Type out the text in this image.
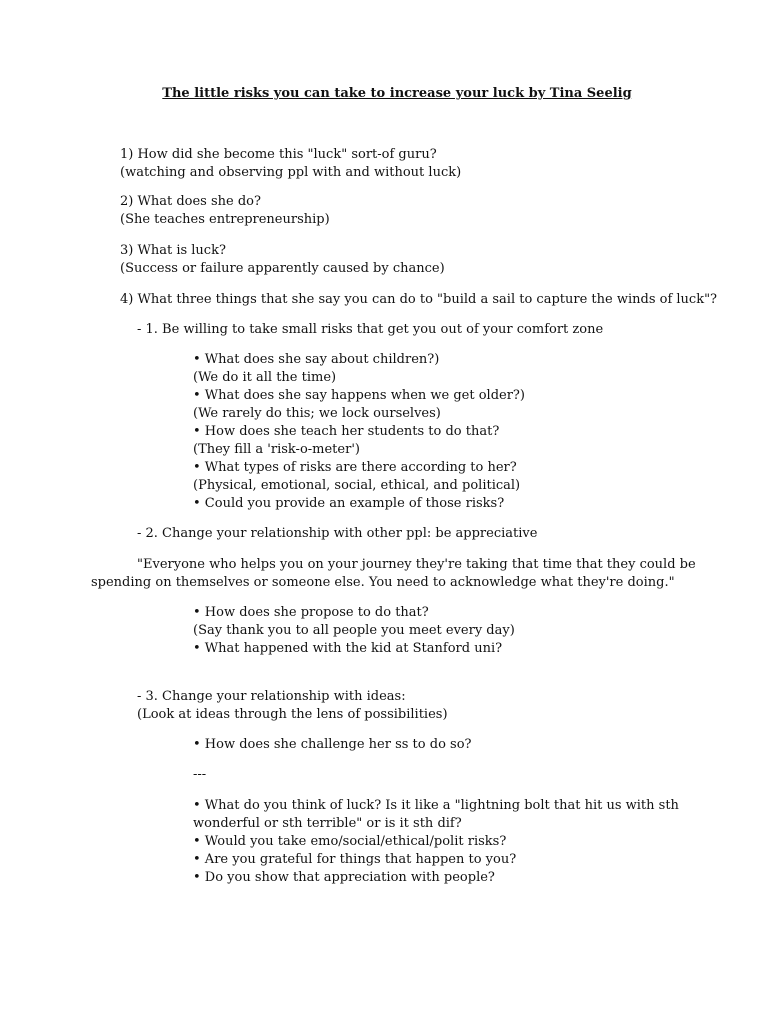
The little risks you can take to increase your luck by Tina Seelig
1) How did she become this "luck" sort-of guru?
(watching and observing ppl with and without luck)
2) What does she do?
(She teaches entrepreneurship)
3) What is luck?
(Success or failure apparently caused by chance)
4) What three things that she say you can do to "build a sail to capture the winds of luck"?
- 1. Be willing to take small risks that get you out of your comfort zone
• What does she say about children?)
(We do it all the time)
• What does she say happens when we get older?)
(We rarely do this; we lock ourselves)
• How does she teach her students to do that?
(They fill a 'risk-o-meter')
• What types of risks are there according to her?
(Physical, emotional, social, ethical, and political)
• Could you provide an example of those risks?
- 2. Change your relationship with other ppl: be appreciative
"Everyone who helps you on your journey they're taking that time that they could be
spending on themselves or someone else. You need to acknowledge what they're doing."
• How does she propose to do that?
(Say thank you to all people you meet every day)
• What happened with the kid at Stanford uni?
- 3. Change your relationship with ideas:
(Look at ideas through the lens of possibilities)
• How does she challenge her ss to do so?
---
• What do you think of luck? Is it like a "lightning bolt that hit us with sth
wonderful or sth terrible" or is it sth dif?
• Would you take emo/social/ethical/polit risks?
• Are you grateful for things that happen to you?
• Do you show that appreciation with people?
